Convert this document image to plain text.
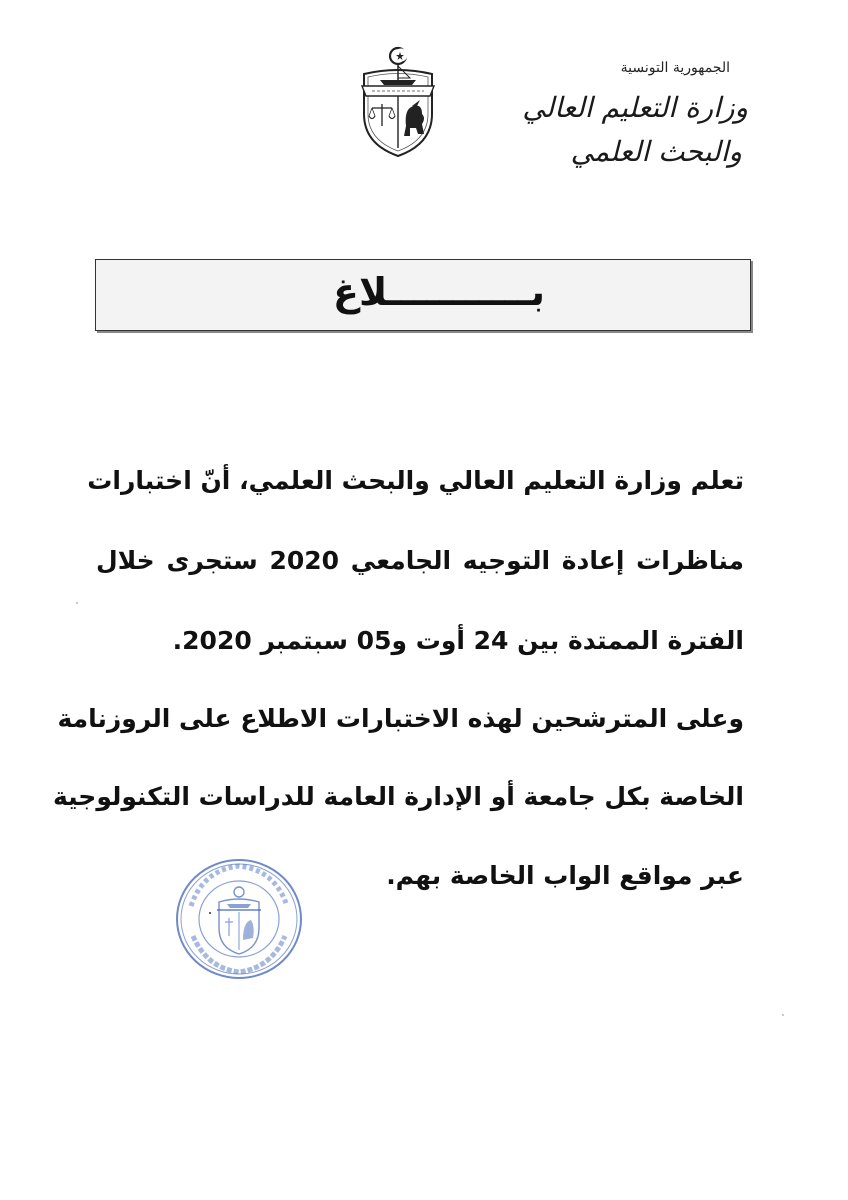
الجمهورية التونسية
وزارة التعليم العالي
والبحث العلمي
بـــــــــــلاغ
تعلم وزارة التعليم العالي والبحث العلمي، أنّ اختبارات
مناظرات إعادة التوجيه الجامعي 2020 ستجرى خلال
الفترة الممتدة بين 24 أوت و05 سبتمبر 2020.
وعلى المترشحين لهذه الاختبارات الاطلاع على الروزنامة
الخاصة بكل جامعة أو الإدارة العامة للدراسات التكنولوجية
عبر مواقع الواب الخاصة بهم.
